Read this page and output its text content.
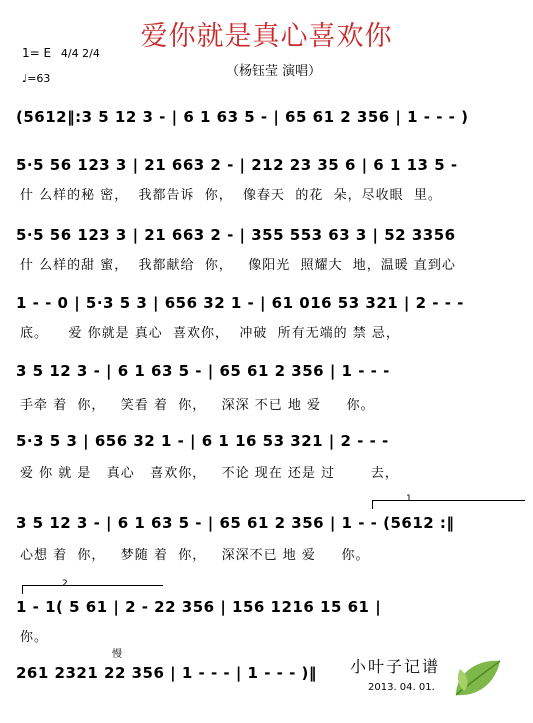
爱你就是真心喜欢你
1= E 4/4 2/4
♩=63	（杨钰莹 演唱）
(5612‖:3 5 12 3 - | 6 1 63 5 - | 65 61 2 356 | 1 - - - )
5·5 56 123 3 | 21 663 2 - | 212 23 35 6 | 6 1 13 5 -
什 么样的秘 密，  我都告诉  你，  像春天  的花  朵，尽收眼  里。
5·5 56 123 3 | 21 663 2 - | 355 553 63 3 | 52 3356
什 么样的甜 蜜，  我都献给  你，   像阳光  照耀大  地，温暖 直到心
1 - - 0 | 5·3 5 3 | 656 32 1 - | 61 016 53 321 | 2 - - -
底。    爱 你就是 真心  喜欢你，  冲破  所有无端的 禁 忌，
3 5 12 3 - | 6 1 63 5 - | 65 61 2 356 | 1 - - -
手牵 着  你，   笑看 着  你，   深深 不已 地 爱     你。
5·3 5 3 | 656 32 1 - | 6 1 16 53 321 | 2 - - -
爱 你 就 是   真心   喜欢你，   不论 现在 还是 过       去，
1
3 5 12 3 - | 6 1 63 5 - | 65 61 2 356 | 1 - - (5612 :‖
心想 着  你，   梦随 着  你，   深深不已 地 爱     你。
2
1 - 1( 5 61 | 2 - 22 356 | 156 1216 15 61 |
你。
慢
261 2321 22 356 | 1 - - - | 1 - - - )‖ 小叶子记谱
2013. 04. 01.
